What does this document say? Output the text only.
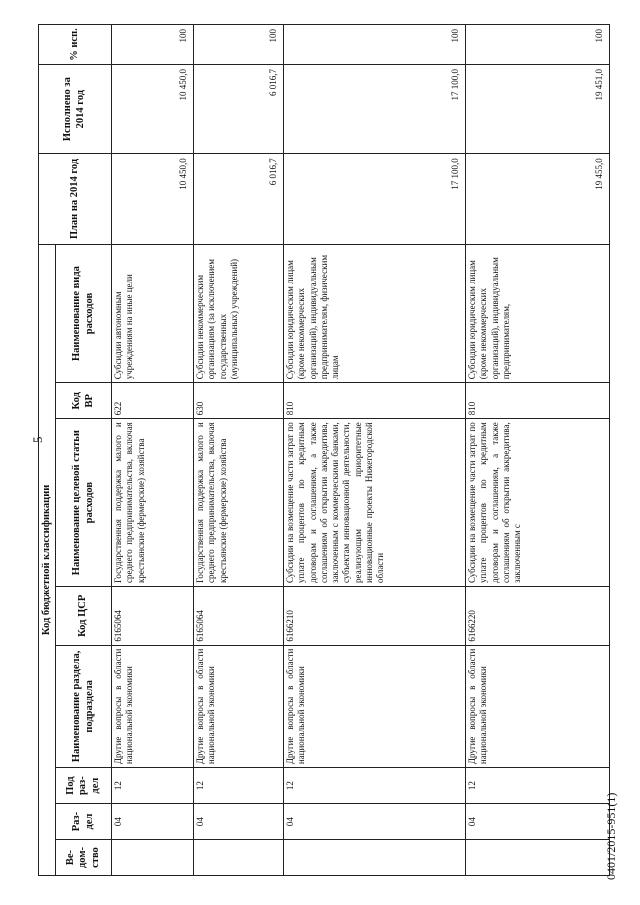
5
Код бюджетной классификации								План на 2014 год	Исполнено за 2014 год	% исп.
Ве-дом-ство	Раз-дел	Под раз-дел	Наименование раздела, подраздела	Код ЦСР	Наименование целевой статьи расходов	Код ВР	Наименование вида расходов			
	04	12	Другие вопросы в области национальной экономики	6165064	Государственная поддержка малого и среднего предпринимательства, включая крестьянские (фермерские) хозяйства	622	Субсидии автономным учреждениям на иные цели	10 450,0	10 450,0	100
	04	12	Другие вопросы в области национальной экономики	6165064	Государственная поддержка малого и среднего предпринимательства, включая крестьянские (фермерские) хозяйства	630	Субсидии некоммерческим организациям (за исключением государственных (муниципальных) учреждений)	6 016,7	6 016,7	100
	04	12	Другие вопросы в области национальной экономики	6166210	Субсидии на возмещение части затрат по уплате процентов по кредитным договорам и соглашениям, а также соглашениям об открытии аккредитива, заключенным с коммерческими банками, субъектам инновационной деятельности, реализующим приоритетные инновационные проекты Нижегородской области	810	Субсидии юридическим лицам (кроме некоммерческих организаций), индивидуальным предпринимателям, физическим лицам	17 100,0	17 100,0	100
	04	12	Другие вопросы в области национальной экономики	6166220	Субсидии на возмещение части затрат по уплате процентов по кредитным договорам и соглашениям, а также соглашениям об открытии аккредитива, заключенным с	810	Субсидии юридическим лицам (кроме некоммерческих организаций), индивидуальным предпринимателям,	19 455,0	19 451,0	100
0401/2015-951(1)
